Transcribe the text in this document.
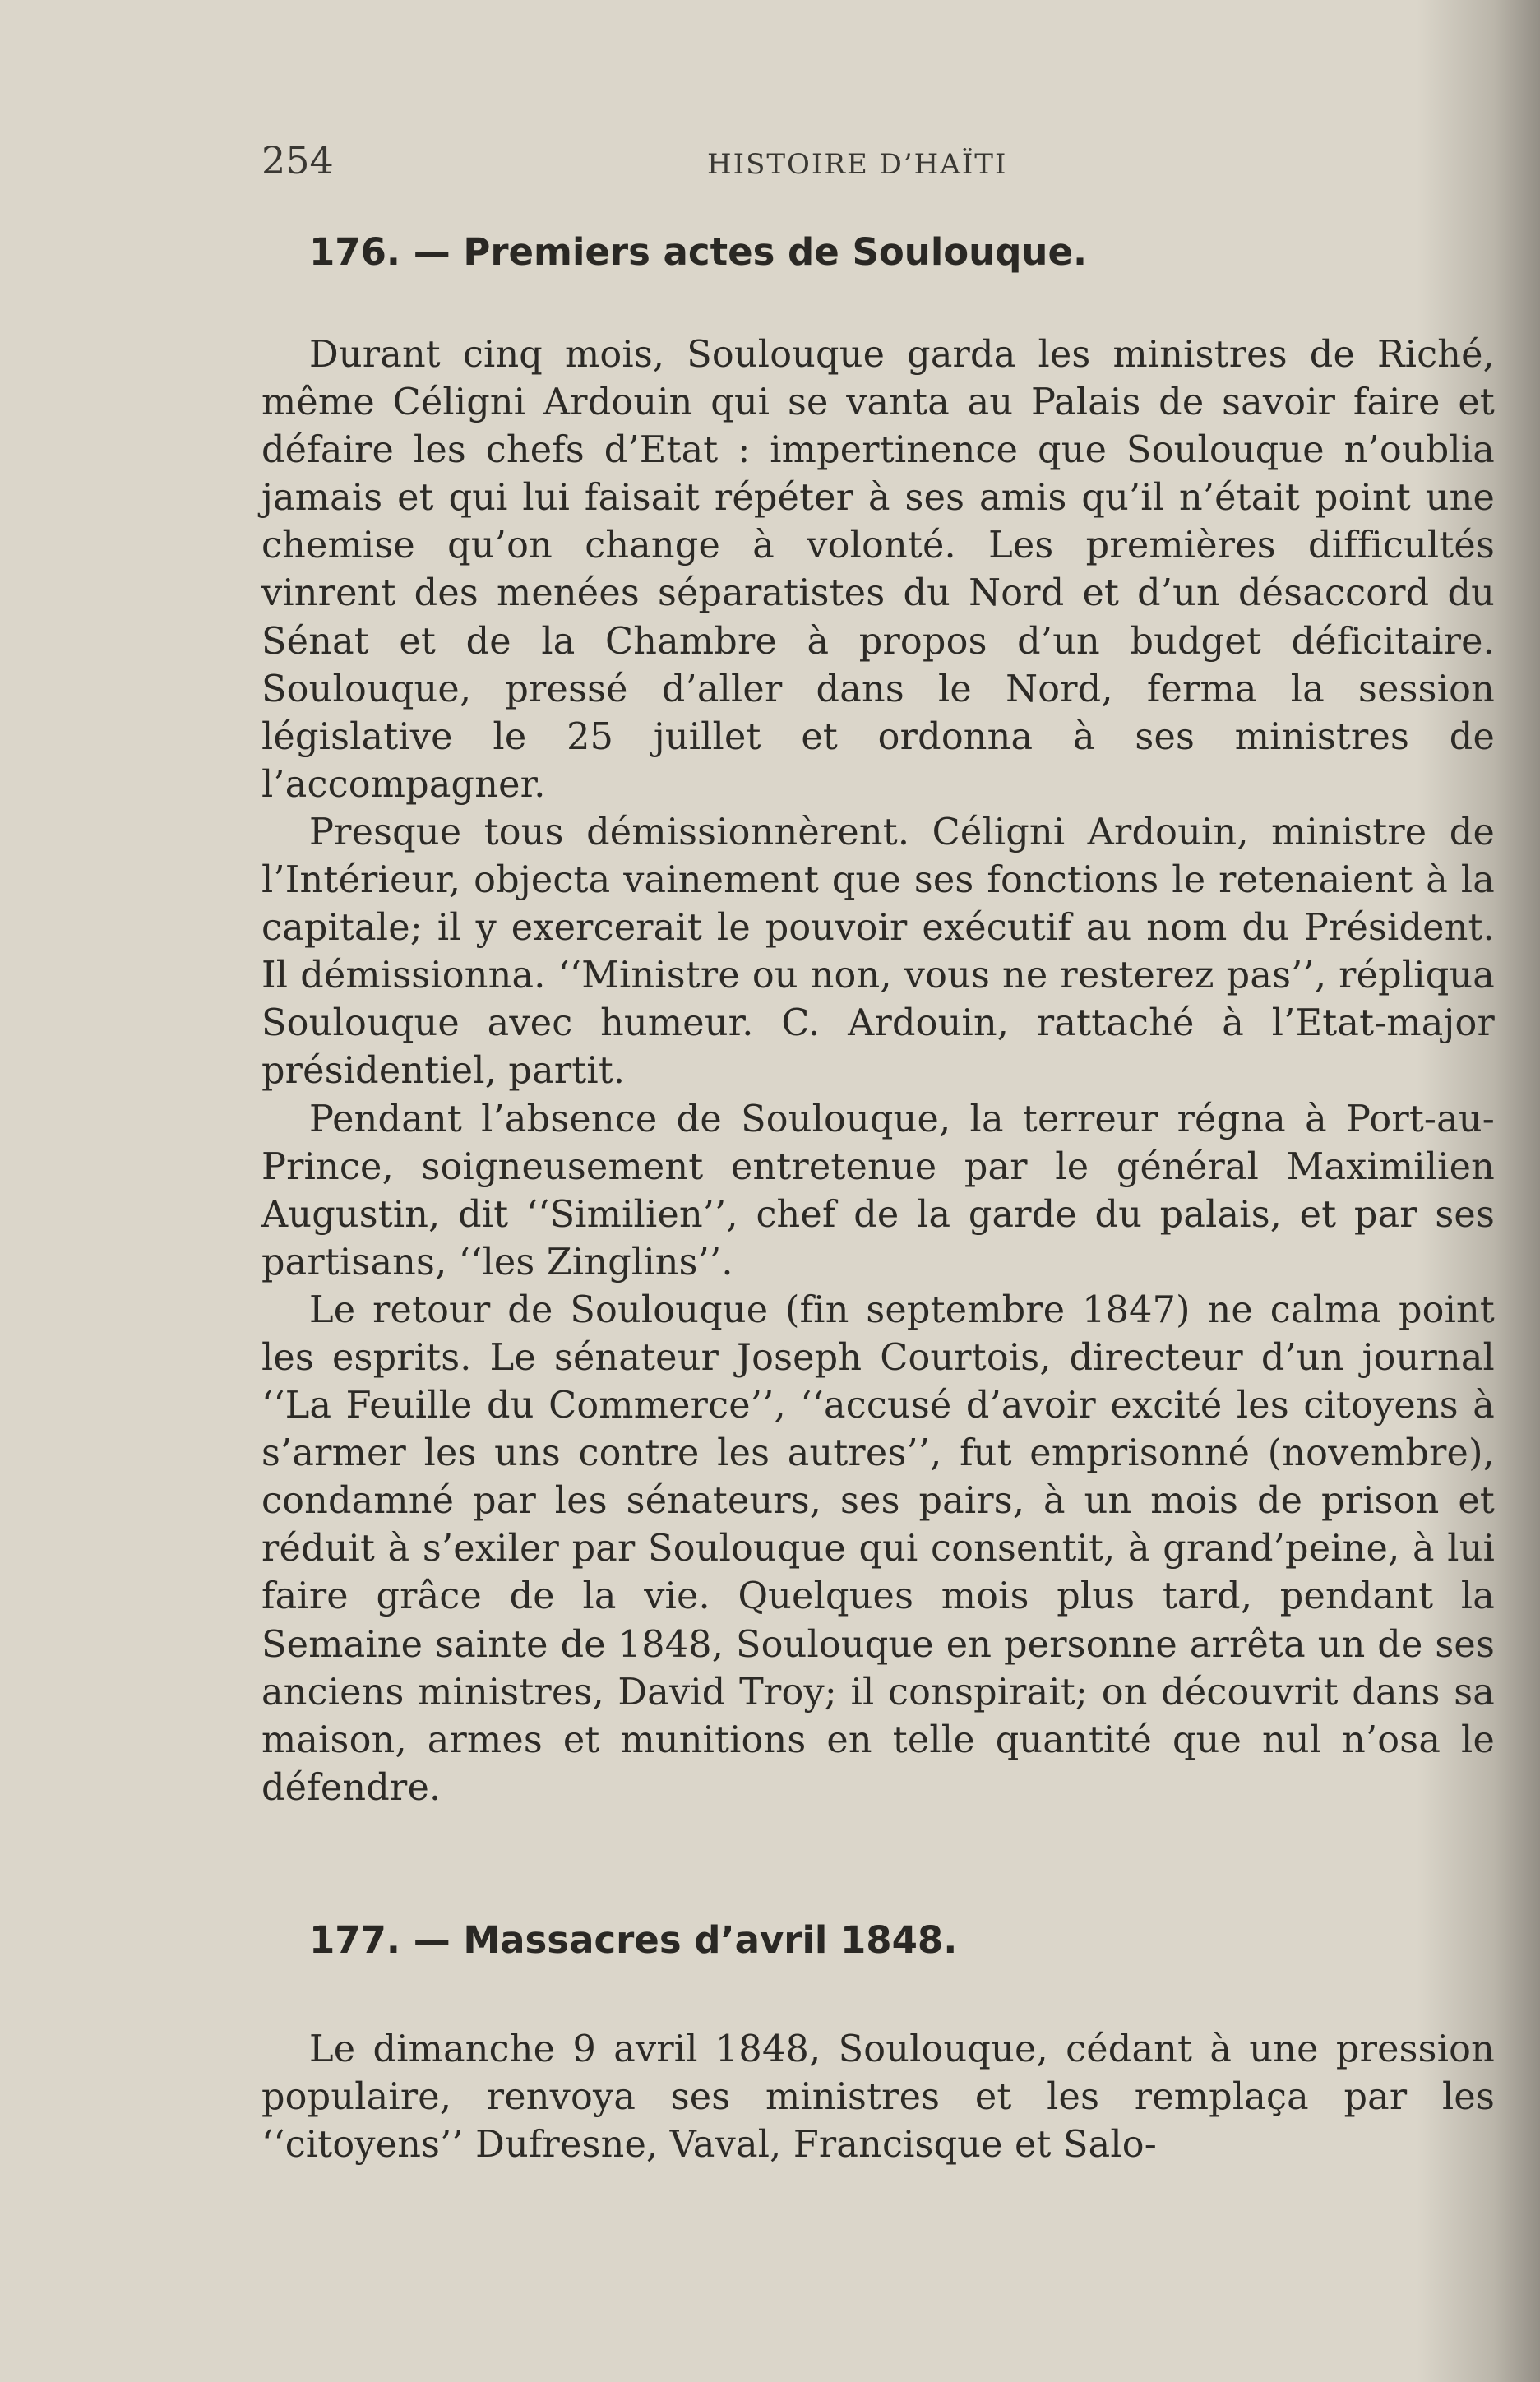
254	HISTOIRE D’HAÏTI
176. — Premiers actes de Soulouque.

Durant cinq mois, Soulouque garda les ministres de Riché, même Céligni Ardouin qui se vanta au Palais de savoir faire et défaire les chefs d’Etat : impertinence que Soulouque n’oublia jamais et qui lui faisait répéter à ses amis qu’il n’était point une chemise qu’on change à volonté. Les premières difficultés vinrent des menées séparatistes du Nord et d’un désaccord du Sénat et de la Chambre à propos d’un budget déficitaire. Soulouque, pressé d’aller dans le Nord, ferma la session législative le 25 juillet et ordonna à ses ministres de l’accompagner.

Presque tous démissionnèrent. Céligni Ardouin, ministre de l’Intérieur, objecta vainement que ses fonctions le retenaient à la capitale; il y exercerait le pouvoir exécutif au nom du Président. Il démissionna. ‘‘Ministre ou non, vous ne resterez pas’’, répliqua Soulouque avec humeur. C. Ardouin, rattaché à l’Etat-major présidentiel, partit.

Pendant l’absence de Soulouque, la terreur régna à Port-au-Prince, soigneusement entretenue par le général Maximilien Augustin, dit ‘‘Similien’’, chef de la garde du palais, et par ses partisans, ‘‘les Zinglins’’.

Le retour de Soulouque (fin septembre 1847) ne calma point les esprits. Le sénateur Joseph Courtois, directeur d’un journal ‘‘La Feuille du Commerce’’, ‘‘accusé d’avoir excité les citoyens à s’armer les uns contre les autres’’, fut emprisonné (novembre), condamné par les sénateurs, ses pairs, à un mois de prison et réduit à s’exiler par Soulouque qui consentit, à grand’peine, à lui faire grâce de la vie. Quelques mois plus tard, pendant la Semaine sainte de 1848, Soulouque en personne arrêta un de ses anciens ministres, David Troy; il conspirait; on découvrit dans sa maison, armes et munitions en telle quantité que nul n’osa le défendre.

177. — Massacres d’avril 1848.

Le dimanche 9 avril 1848, Soulouque, cédant à une pression populaire, renvoya ses ministres et les remplaça par les ‘‘citoyens’’ Dufresne, Vaval, Francisque et Salo-
